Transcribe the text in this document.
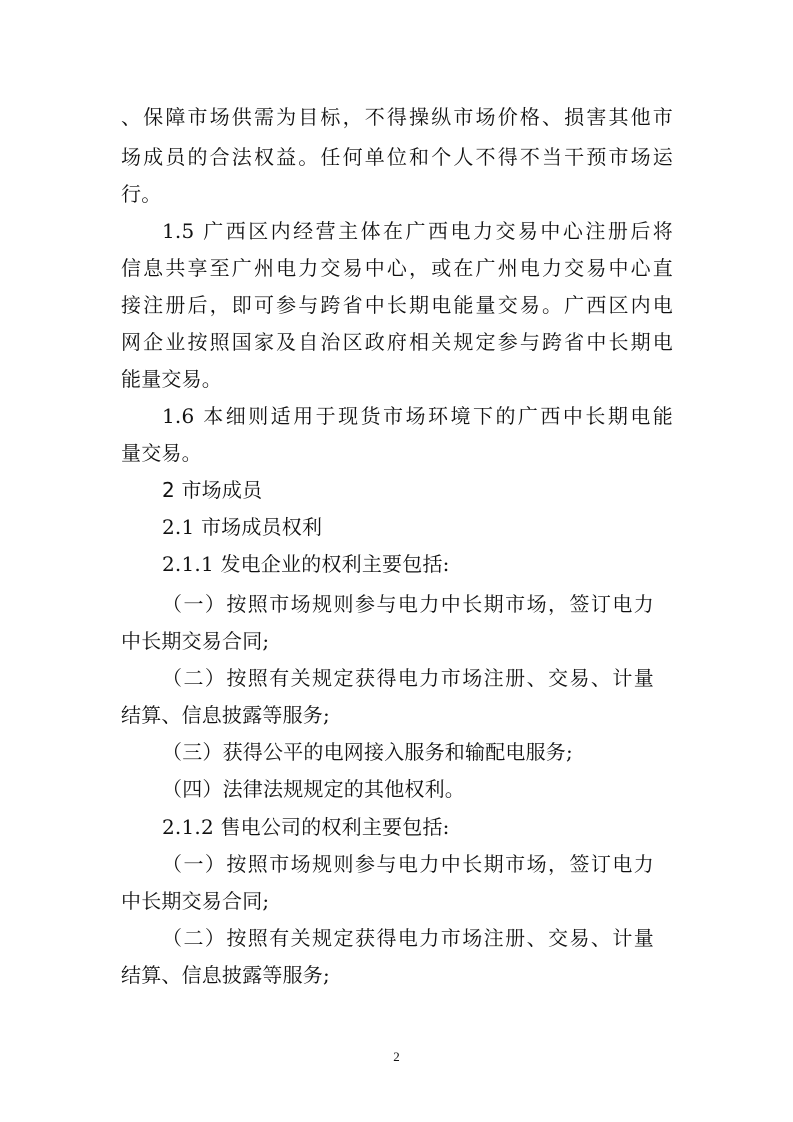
、保障市场供需为目标，不得操纵市场价格、损害其他市
场成员的合法权益。任何单位和个人不得不当干预市场运
行。
1.5 广西区内经营主体在广西电力交易中心注册后将
信息共享至广州电力交易中心，或在广州电力交易中心直
接注册后，即可参与跨省中长期电能量交易。广西区内电
网企业按照国家及自治区政府相关规定参与跨省中长期电
能量交易。
1.6 本细则适用于现货市场环境下的广西中长期电能
量交易。
2 市场成员
2.1 市场成员权利
2.1.1 发电企业的权利主要包括:
（一）按照市场规则参与电力中长期市场，签订电力
中长期交易合同;
（二）按照有关规定获得电力市场注册、交易、计量
结算、信息披露等服务;
（三）获得公平的电网接入服务和输配电服务;
（四）法律法规规定的其他权利。
2.1.2 售电公司的权利主要包括:
（一）按照市场规则参与电力中长期市场，签订电力
中长期交易合同;
（二）按照有关规定获得电力市场注册、交易、计量
结算、信息披露等服务;
2
